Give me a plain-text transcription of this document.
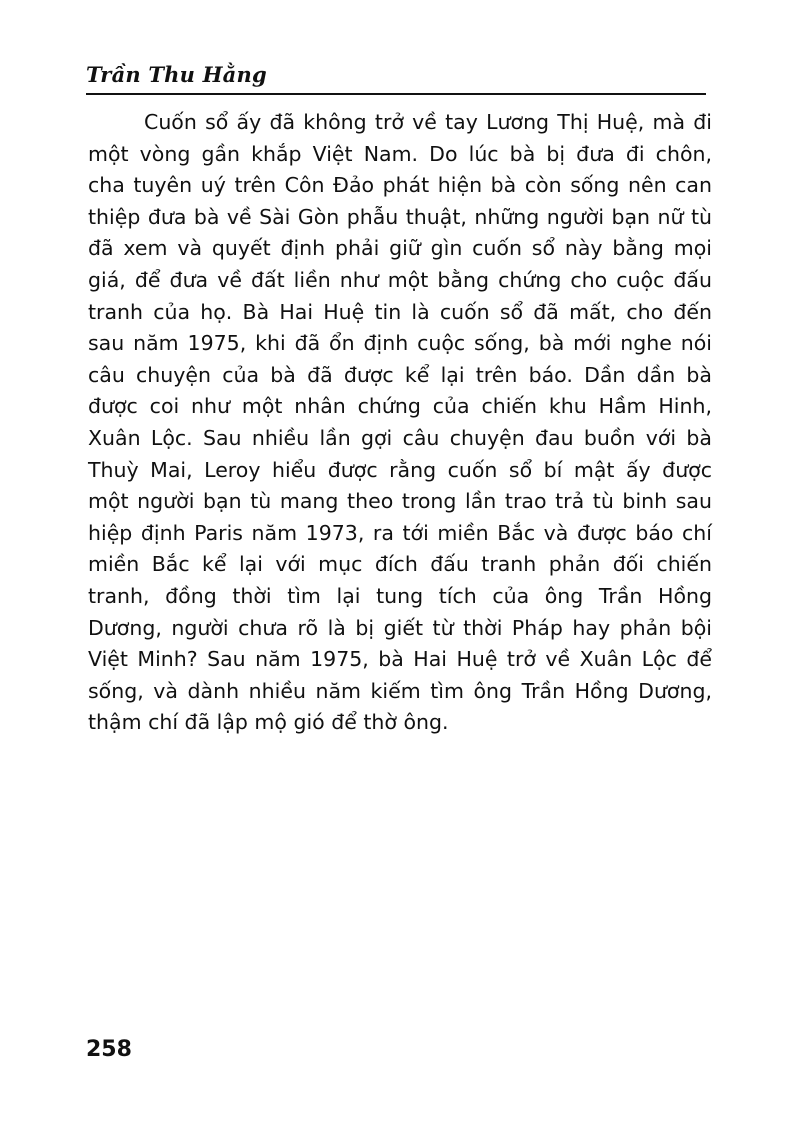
Trần Thu Hằng
Cuốn sổ ấy đã không trở về tay Lương Thị Huệ, mà đi
một vòng gần khắp Việt Nam. Do lúc bà bị đưa đi chôn,
cha tuyên uý trên Côn Đảo phát hiện bà còn sống nên can
thiệp đưa bà về Sài Gòn phẫu thuật, những người bạn nữ tù
đã xem và quyết định phải giữ gìn cuốn sổ này bằng mọi
giá, để đưa về đất liền như một bằng chứng cho cuộc đấu
tranh của họ. Bà Hai Huệ tin là cuốn sổ đã mất, cho đến
sau năm 1975, khi đã ổn định cuộc sống, bà mới nghe nói
câu chuyện của bà đã được kể lại trên báo. Dần dần bà
được coi như một nhân chứng của chiến khu Hầm Hinh,
Xuân Lộc. Sau nhiều lần gợi câu chuyện đau buồn với bà
Thuỳ Mai, Leroy hiểu được rằng cuốn sổ bí mật ấy được
một người bạn tù mang theo trong lần trao trả tù binh sau
hiệp định Paris năm 1973, ra tới miền Bắc và được báo chí
miền Bắc kể lại với mục đích đấu tranh phản đối chiến
tranh, đồng thời tìm lại tung tích của ông Trần Hồng
Dương, người chưa rõ là bị giết từ thời Pháp hay phản bội
Việt Minh? Sau năm 1975, bà Hai Huệ trở về Xuân Lộc để
sống, và dành nhiều năm kiếm tìm ông Trần Hồng Dương,
thậm chí đã lập mộ gió để thờ ông.
258
